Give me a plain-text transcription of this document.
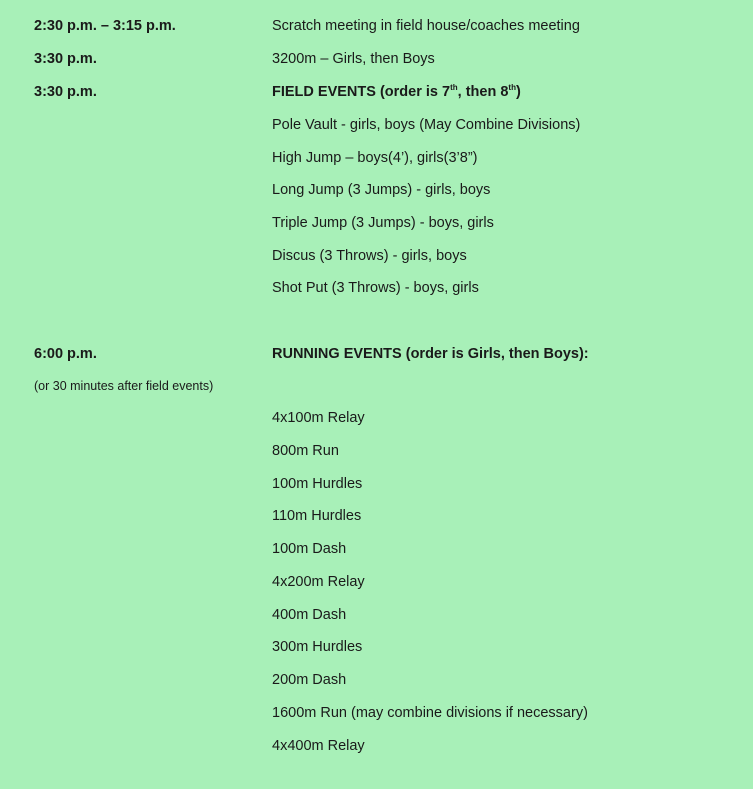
2:30 p.m. – 3:15 p.m.	Scratch meeting in field house/coaches meeting
3:30 p.m.	3200m – Girls, then Boys
3:30 p.m.	FIELD EVENTS (order is 7th, then 8th)
Pole Vault - girls, boys (May Combine Divisions)
High Jump – boys(4’), girls(3’8”)
Long Jump (3 Jumps) - girls, boys
Triple Jump (3 Jumps) - boys, girls
Discus (3 Throws) - girls, boys
Shot Put (3 Throws) - boys, girls
6:00 p.m.	RUNNING EVENTS (order is Girls, then Boys):
(or 30 minutes after field events)
4x100m Relay
800m Run
100m Hurdles
110m Hurdles
100m Dash
4x200m Relay
400m Dash
300m Hurdles
200m Dash
1600m Run (may combine divisions if necessary)
4x400m Relay
